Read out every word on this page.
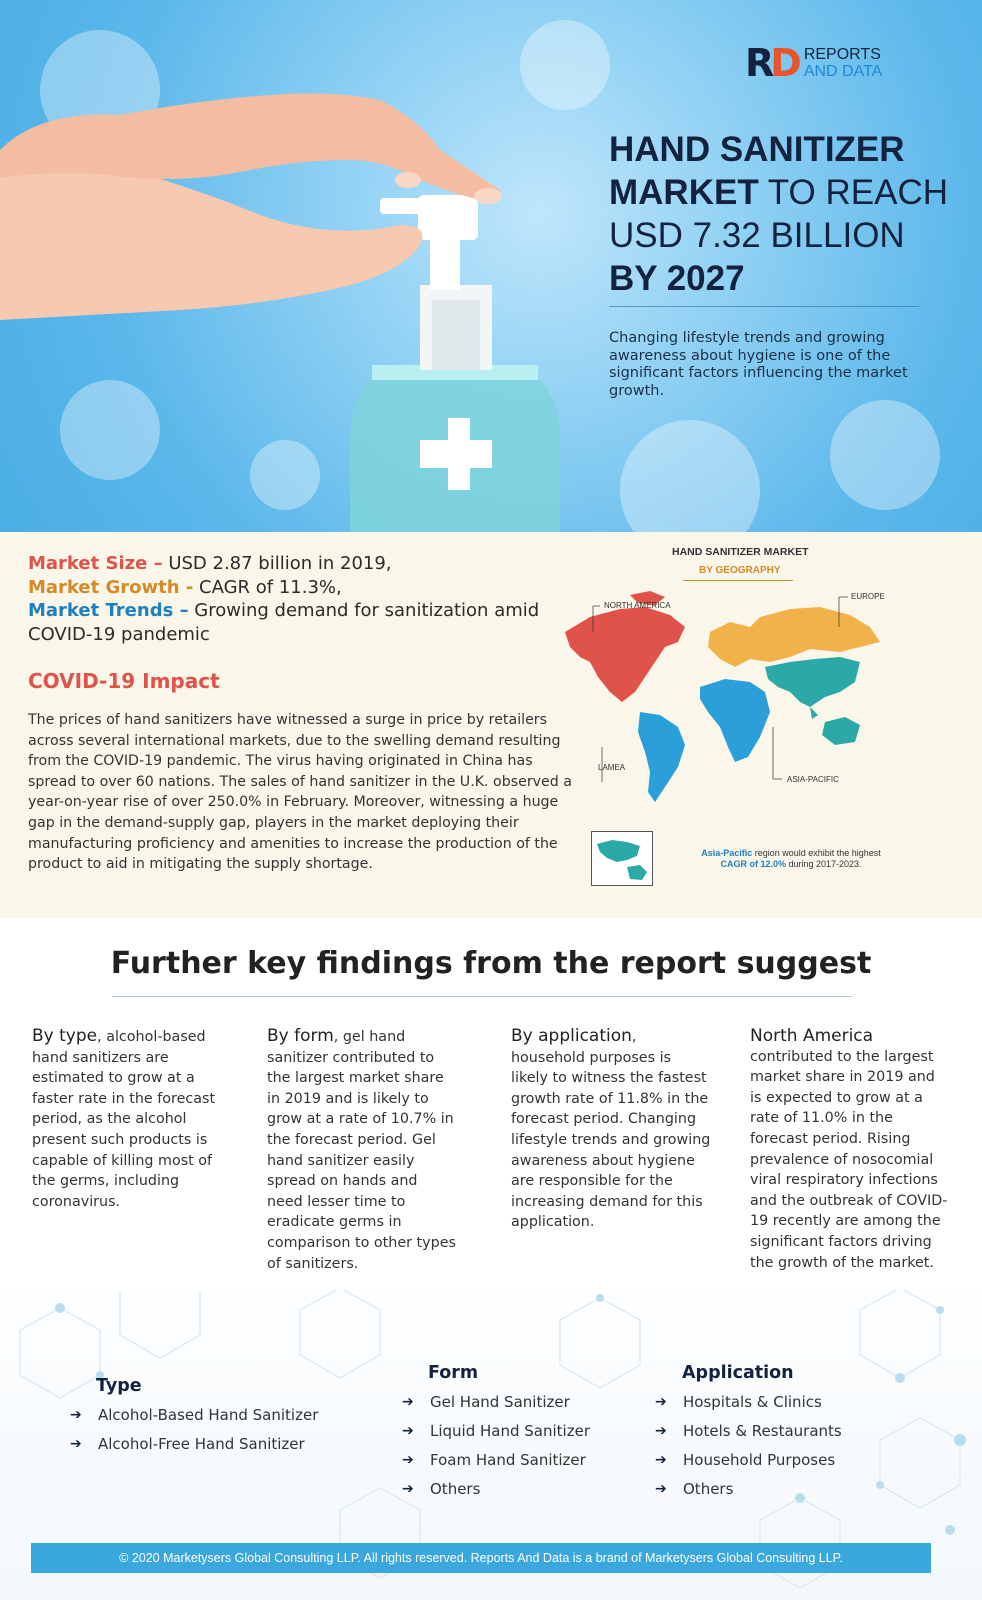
RD REPORTS
AND DATA
HAND SANITIZER
MARKET TO REACH
USD 7.32 BILLION
BY 2027
Changing lifestyle trends and growing awareness about hygiene is one of the significant factors influencing the market growth.
Market Size – USD 2.87 billion in 2019,
Market Growth - CAGR of 11.3%,
Market Trends – Growing demand for sanitization amid COVID-19 pandemic
COVID-19 Impact
The prices of hand sanitizers have witnessed a surge in price by retailers across several international markets, due to the swelling demand resulting from the COVID-19 pandemic. The virus having originated in China has spread to over 60 nations. The sales of hand sanitizer in the U.K. observed a year-on-year rise of over 250.0% in February. Moreover, witnessing a huge gap in the demand-supply gap, players in the market deploying their manufacturing proficiency and amenities to increase the production of the product to aid in mitigating the supply shortage.
HAND SANITIZER MARKET
BY GEOGRAPHY
NORTH AMERICA
EUROPE
LAMEA
ASIA-PACIFIC
Asia-Pacific region would exhibit the highest
CAGR of 12.0% during 2017-2023.
Further key findings from the report suggest
By type, alcohol-based hand sanitizers are estimated to grow at a faster rate in the forecast period, as the alcohol present such products is capable of killing most of the germs, including coronavirus.
By form, gel hand sanitizer contributed to the largest market share in 2019 and is likely to grow at a rate of 10.7% in the forecast period. Gel hand sanitizer easily spread on hands and need lesser time to eradicate germs in comparison to other types of sanitizers.
By application, household purposes is likely to witness the fastest growth rate of 11.8% in the forecast period. Changing lifestyle trends and growing awareness about hygiene are responsible for the increasing demand for this application.
North America
contributed to the largest market share in 2019 and is expected to grow at a rate of 11.0% in the forecast period. Rising prevalence of nosocomial viral respiratory infections and the outbreak of COVID-19 recently are among the significant factors driving the growth of the market.
Type
➔ Alcohol-Based Hand Sanitizer
➔ Alcohol-Free Hand Sanitizer
Form
➔ Gel Hand Sanitizer
➔ Liquid Hand Sanitizer
➔ Foam Hand Sanitizer
➔ Others
Application
➔ Hospitals & Clinics
➔ Hotels & Restaurants
➔ Household Purposes
➔ Others
© 2020 Marketysers Global Consulting LLP. All rights reserved. Reports And Data is a brand of Marketysers Global Consulting LLP.
